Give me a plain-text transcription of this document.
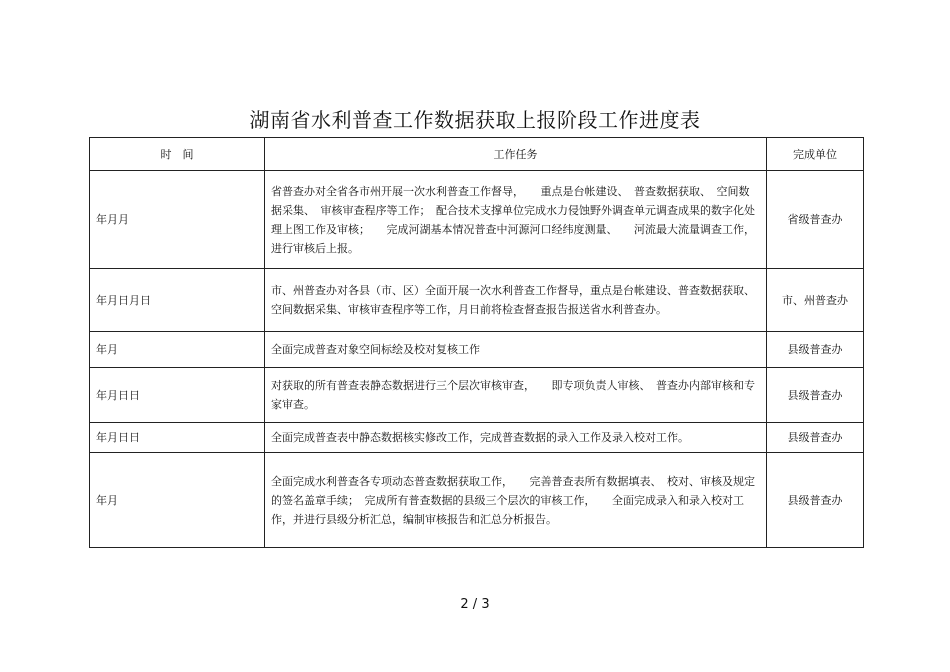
湖南省水利普查工作数据获取上报阶段工作进度表
时　间	工作任务	完成单位
年月月	省普查办对全省各市州开展一次水利普查工作督导，　　重点是台帐建设、　普查数据获取、　空间数据采集、　审核审查程序等工作；　配合技术支撑单位完成水力侵蚀野外调查单元调查成果的数字化处理上图工作及审核；　　完成河湖基本情况普查中河源河口经纬度测量、　　河流最大流量调查工作，进行审核后上报。	省级普查办
年月日月日	市、州普查办对各县（市、区）全面开展一次水利普查工作督导，重点是台帐建设、普查数据获取、空间数据采集、审核审查程序等工作，月日前将检查督查报告报送省水利普查办。	市、州普查办
年月	全面完成普查对象空间标绘及校对复核工作	县级普查办
年月日日	对获取的所有普查表静态数据进行三个层次审核审查，　　即专项负责人审核、　普查办内部审核和专家审查。	县级普查办
年月日日	全面完成普查表中静态数据核实修改工作，完成普查数据的录入工作及录入校对工作。	县级普查办
年月	全面完成水利普查各专项动态普查数据获取工作，　　完善普查表所有数据填表、　校对、审核及规定的签名盖章手续；　完成所有普查数据的县级三个层次的审核工作，　　全面完成录入和录入校对工作，并进行县级分析汇总，编制审核报告和汇总分析报告。	县级普查办
2 / 3
